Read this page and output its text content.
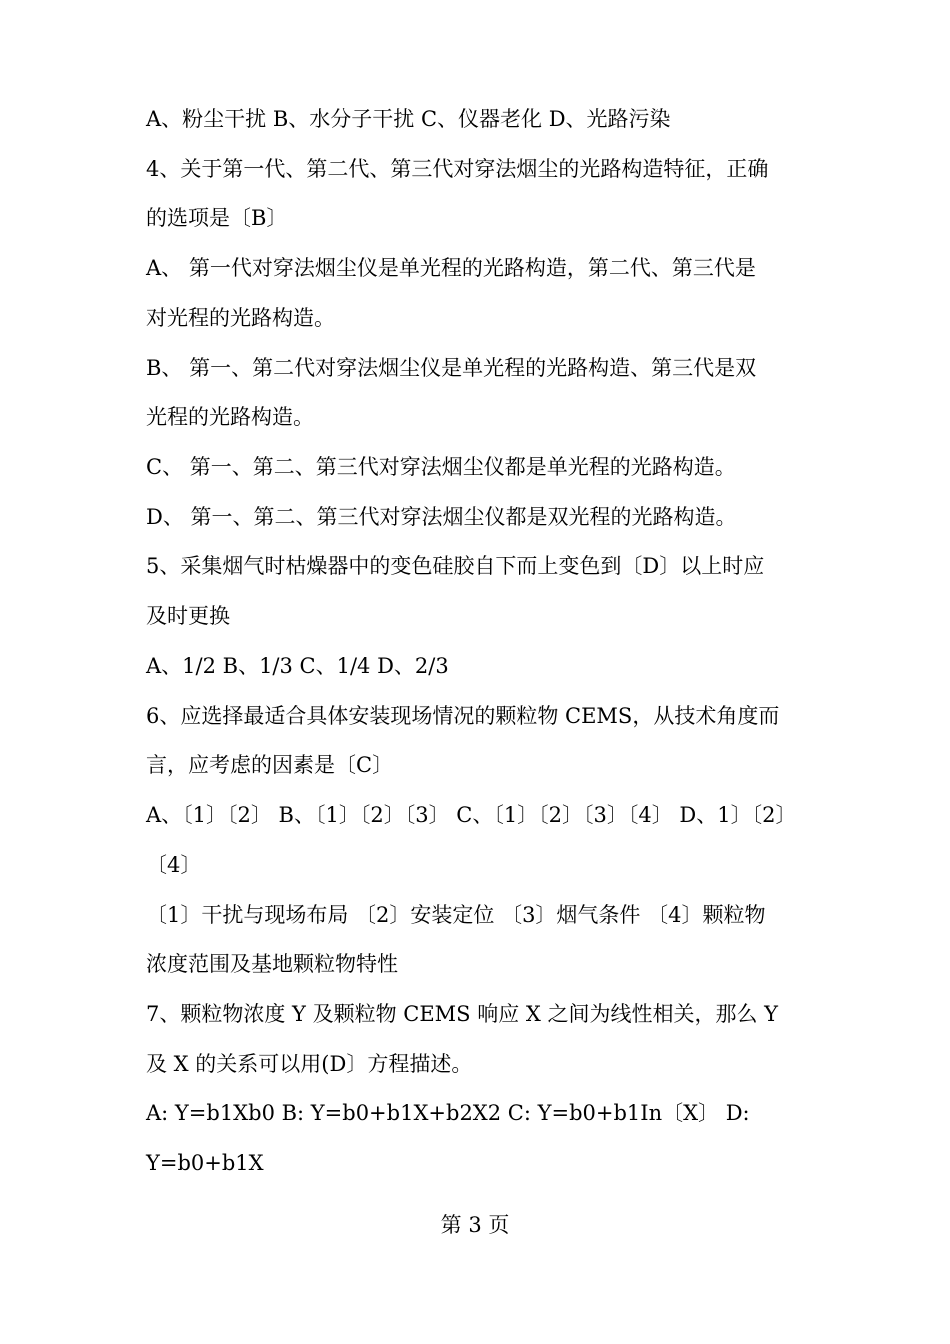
A、粉尘干扰 B、水分子干扰 C、仪器老化 D、光路污染
4、关于第一代、第二代、第三代对穿法烟尘的光路构造特征，正确
的选项是〔B〕
A、 第一代对穿法烟尘仪是单光程的光路构造，第二代、第三代是
对光程的光路构造。
B、 第一、第二代对穿法烟尘仪是单光程的光路构造、第三代是双
光程的光路构造。
C、 第一、第二、第三代对穿法烟尘仪都是单光程的光路构造。
D、 第一、第二、第三代对穿法烟尘仪都是双光程的光路构造。
5、采集烟气时枯燥器中的变色硅胶自下而上变色到〔D〕以上时应
及时更换
A、1/2 B、1/3 C、1/4 D、2/3
6、应选择最适合具体安装现场情况的颗粒物 CEMS，从技术角度而
言，应考虑的因素是〔C〕
A、〔1〕〔2〕 B、〔1〕〔2〕〔3〕 C、〔1〕〔2〕〔3〕〔4〕 D、1〕〔2〕
〔4〕
〔1〕干扰与现场布局 〔2〕安装定位 〔3〕烟气条件 〔4〕颗粒物
浓度范围及基地颗粒物特性
7、颗粒物浓度 Y 及颗粒物 CEMS 响应 X 之间为线性相关，那么 Y
及 X 的关系可以用(D〕方程描述。
A: Y=b1Xb0 B: Y=b0+b1X+b2X2 C: Y=b0+b1In〔X〕 D:
Y=b0+b1X
第 3 页
